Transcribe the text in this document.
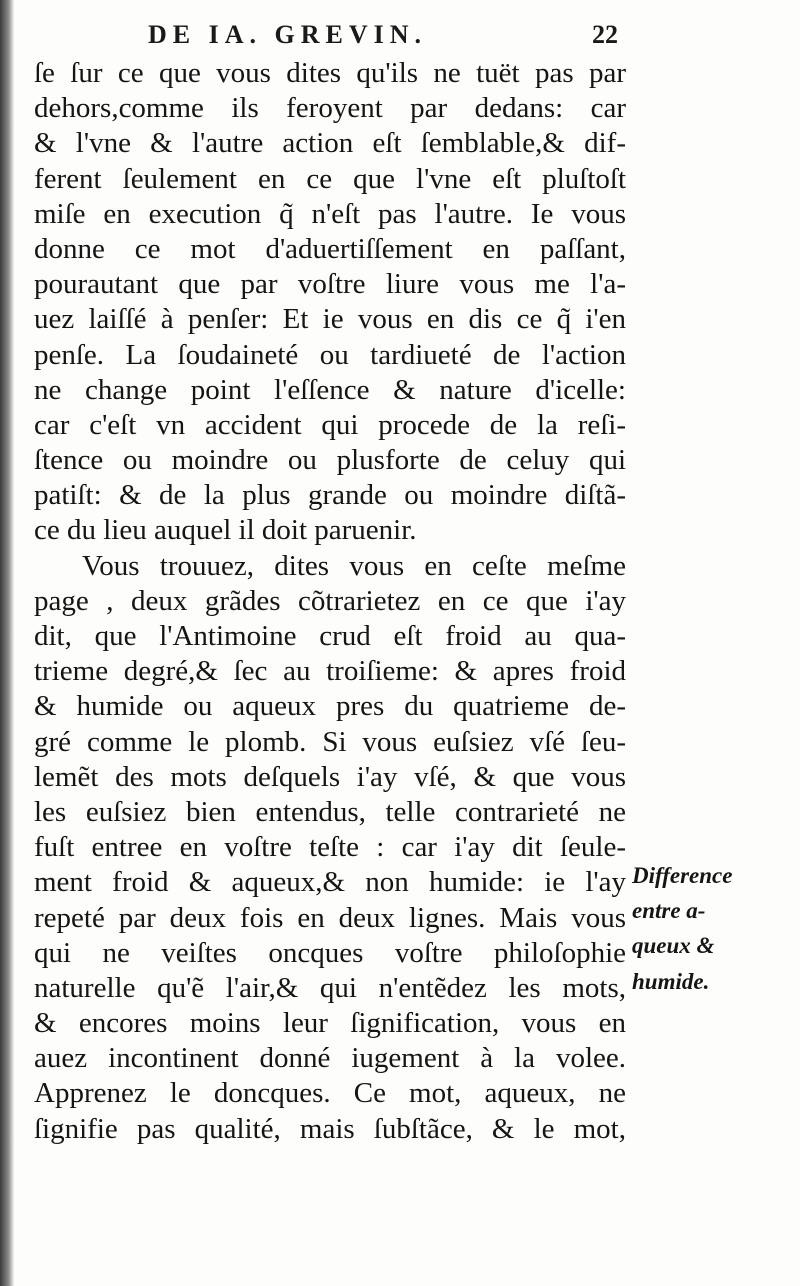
DE IA. GREVIN.	22
ſe ſur ce que vous dites qu'ils ne tuët pas par
dehors,comme ils feroyent par dedans: car
& l'vne & l'autre action eſt ſemblable,& dif-
ferent ſeulement en ce que l'vne eſt pluſtoſt
miſe en execution q̃ n'eſt pas l'autre. Ie vous
donne ce mot d'aduertiſſement en paſſant,
pourautant que par voſtre liure vous me l'a-
uez laiſſé à penſer: Et ie vous en dis ce q̃ i'en
penſe. La ſoudaineté ou tardiueté de l'action
ne change point l'eſſence & nature d'icelle:
car c'eſt vn accident qui procede de la reſi-
ſtence ou moindre ou plusforte de celuy qui
patiſt: & de la plus grande ou moindre diſtã-
ce du lieu auquel il doit paruenir.
Vous trouuez, dites vous en ceſte meſme
page , deux grãdes cõtrarietez en ce que i'ay
dit, que l'Antimoine crud eſt froid au qua-
trieme degré,& ſec au troiſieme: & apres froid
& humide ou aqueux pres du quatrieme de-
gré comme le plomb. Si vous euſsiez vſé ſeu-
lemẽt des mots deſquels i'ay vſé, & que vous
les euſsiez bien entendus, telle contrarieté ne
fuſt entree en voſtre teſte : car i'ay dit ſeule-
ment froid & aqueux,& non humide: ie l'ay
repeté par deux fois en deux lignes. Mais vous
qui ne veiſtes oncques voſtre philoſophie
naturelle qu'ẽ l'air,& qui n'entẽdez les mots,
& encores moins leur ſignification, vous en
auez incontinent donné iugement à la volee.
Apprenez le doncques. Ce mot, aqueux, ne
ſignifie pas qualité, mais ſubſtãce, & le mot,
Difference
entre a-
queux &
humide.
